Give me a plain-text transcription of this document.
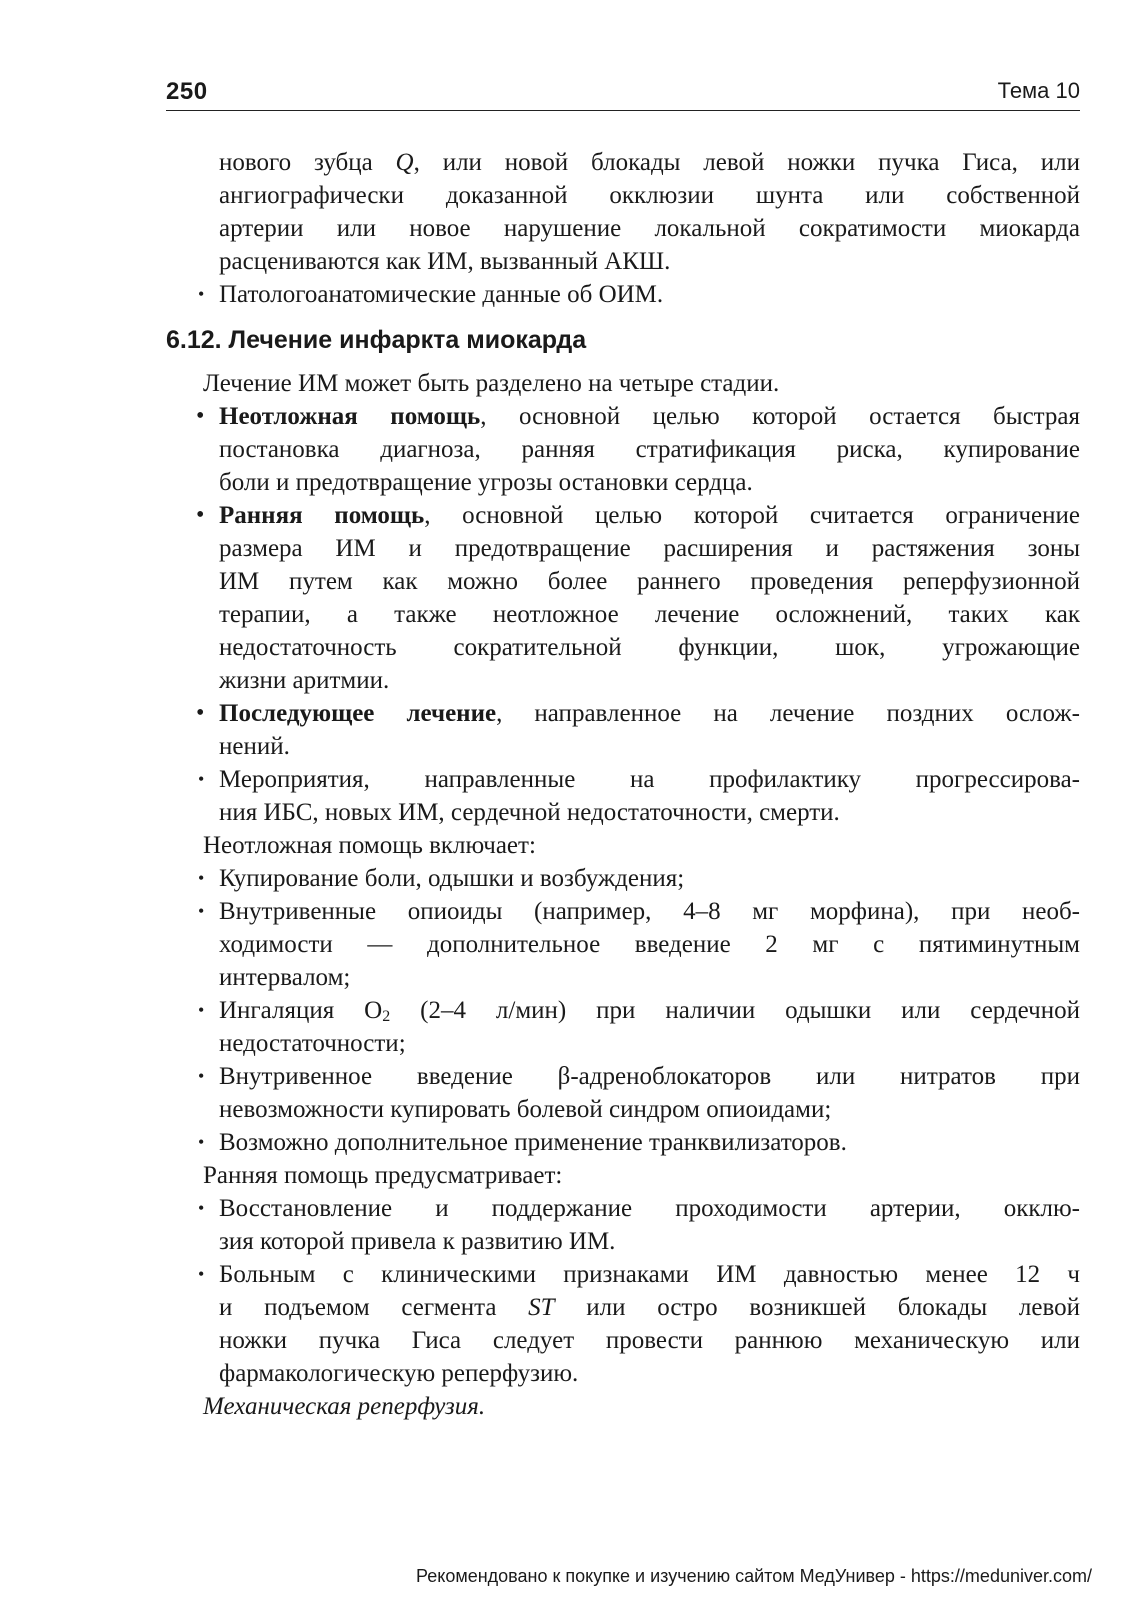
250	Тема 10
нового зубца Q, или новой блокады левой ножки пучка Гиса, или
ангиографически доказанной окклюзии шунта или собственной
артерии или новое нарушение локальной сократимости миокарда
расцениваются как ИМ, вызванный АКШ.
• Патологоанатомические данные об ОИМ.
6.12. Лечение инфаркта миокарда
Лечение ИМ может быть разделено на четыре стадии.
• Неотложная помощь, основной целью которой остается быстрая
постановка диагноза, ранняя стратификация риска, купирование
боли и предотвращение угрозы остановки сердца.
• Ранняя помощь, основной целью которой считается ограничение
размера ИМ и предотвращение расширения и растяжения зоны
ИМ путем как можно более раннего проведения реперфузионной
терапии, а также неотложное лечение осложнений, таких как
недостаточность сократительной функции, шок, угрожающие
жизни аритмии.
• Последующее лечение, направленное на лечение поздних ослож-
нений.
• Мероприятия, направленные на профилактику прогрессирова-
ния ИБС, новых ИМ, сердечной недостаточности, смерти.
Неотложная помощь включает:
• Купирование боли, одышки и возбуждения;
• Внутривенные опиоиды (например, 4–8 мг морфина), при необ-
ходимости — дополнительное введение 2 мг с пятиминутным
интервалом;
• Ингаляция $O_2$ (2–4 л/мин) при наличии одышки или сердечной
недостаточности;
• Внутривенное введение β-адреноблокаторов или нитратов при
невозможности купировать болевой синдром опиоидами;
• Возможно дополнительное применение транквилизаторов.
Ранняя помощь предусматривает:
• Восстановление и поддержание проходимости артерии, окклю-
зия которой привела к развитию ИМ.
• Больным с клиническими признаками ИМ давностью менее 12 ч
и подъемом сегмента ST или остро возникшей блокады левой
ножки пучка Гиса следует провести раннюю механическую или
фармакологическую реперфузию.
Механическая реперфузия.
Рекомендовано к покупке и изучению сайтом МедУнивер - https://meduniver.com/
